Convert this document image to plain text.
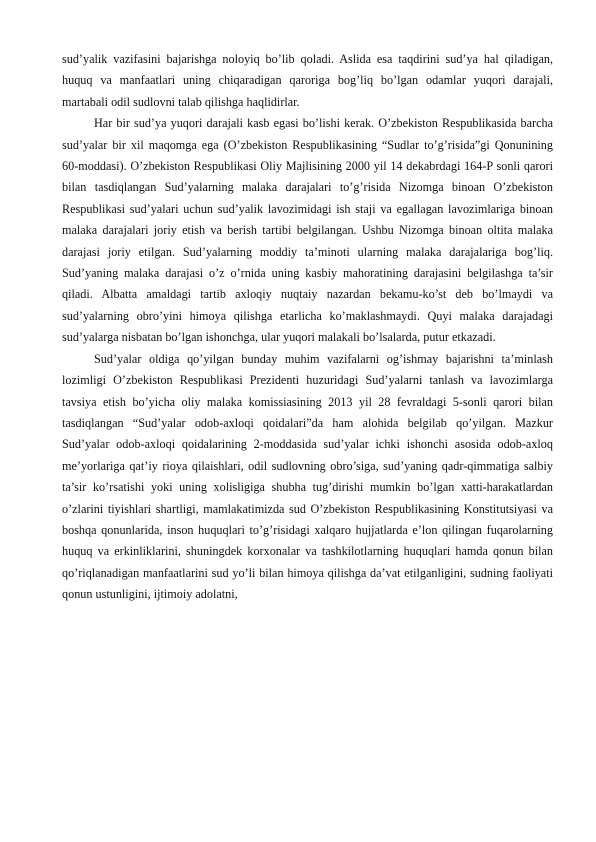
sud’yalik vazifasini bajarishga noloyiq bo’lib qoladi. Aslida esa taqdirini sud’ya hal qiladigan, huquq va manfaatlari uning chiqaradigan qaroriga bog’liq bo’lgan odamlar yuqori darajali, martabali odil sudlovni talab qilishga haqlidirlar.

Har bir sud’ya yuqori darajali kasb egasi bo’lishi kerak. O’zbekiston Respublikasida barcha sud’yalar bir xil maqomga ega (O’zbekiston Respublikasining “Sudlar to’g’risida”gi Qonunining 60-moddasi). O’zbekiston Respublikasi Oliy Majlisining 2000 yil 14 dekabrdagi 164-P sonli qarori bilan tasdiqlangan Sud’yalarning malaka darajalari to’g’risida Nizomga binoan O’zbekiston Respublikasi sud’yalari uchun sud’yalik lavozimidagi ish staji va egallagan lavozimlariga binoan malaka darajalari joriy etish va berish tartibi belgilangan. Ushbu Nizomga binoan oltita malaka darajasi joriy etilgan. Sud’yalarning moddiy ta’minoti ularning malaka darajalariga bog’liq. Sud’yaning malaka darajasi o’z o’rnida uning kasbiy mahoratining darajasini belgilashga ta’sir qiladi. Albatta amaldagi tartib axloqiy nuqtaiy nazardan bekamu-ko’st deb bo’lmaydi va sud’yalarning obro’yini himoya qilishga etarlicha ko’maklashmaydi. Quyi malaka darajadagi sud’yalarga nisbatan bo’lgan ishonchga, ular yuqori malakali bo’lsalarda, putur etkazadi.

Sud’yalar oldiga qo’yilgan bunday muhim vazifalarni og’ishmay bajarishni ta’minlash lozimligi O’zbekiston Respublikasi Prezidenti huzuridagi Sud’yalarni tanlash va lavozimlarga tavsiya etish bo’yicha oliy malaka komissiasining 2013 yil 28 fevraldagi 5-sonli qarori bilan tasdiqlangan “Sud’yalar odob-axloqi qoidalari”da ham alohida belgilab qo’yilgan. Mazkur Sud’yalar odob-axloqi qoidalarining 2-moddasida sud’yalar ichki ishonchi asosida odob-axloq me’yorlariga qat’iy rioya qilaishlari, odil sudlovning obro’siga, sud’yaning qadr-qimmatiga salbiy ta’sir ko’rsatishi yoki uning xolisligiga shubha tug’dirishi mumkin bo’lgan xatti-harakatlardan o’zlarini tiyishlari shartligi, mamlakatimizda sud O’zbekiston Respublikasining Konstitutsiyasi va boshqa qonunlarida, inson huquqlari to’g’risidagi xalqaro hujjatlarda e’lon qilingan fuqarolarning huquq va erkinliklarini, shuningdek korxonalar va tashkilotlarning huquqlari hamda qonun bilan qo’riqlanadigan manfaatlarini sud yo’li bilan himoya qilishga da’vat etilganligini, sudning faoliyati qonun ustunligini, ijtimoiy adolatni,
